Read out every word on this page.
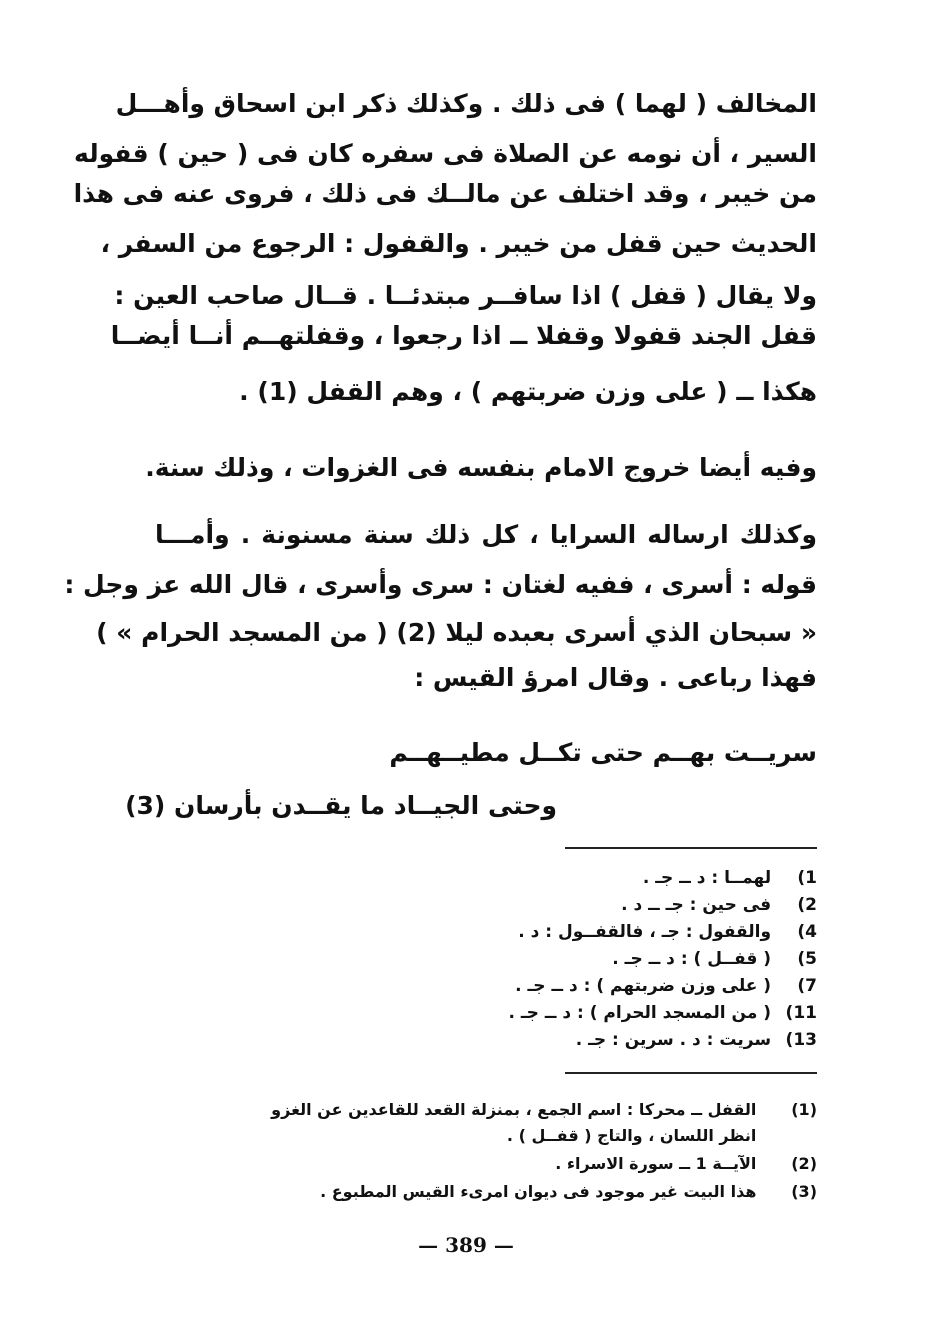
المخالف ( لهما ) فى ذلك . وكذلك ذكر ابن اسحاق وأهـــل
السير ، أن نومه عن الصلاة فى سفره كان فى ( حين ) قفوله
من خيبر ، وقد اختلف عن مالــك فى ذلك ، فروى عنه فى هذا
الحديث حين قفل من خيبر . والقفول : الرجوع من السفر ،
ولا يقال ( قفل ) اذا سافــر مبتدئــا . قــال صاحب العين :
قفل الجند قفولا وقفلا ــ اذا رجعوا ، وقفلتهــم أنــا أيضــا
هكذا ــ ( على وزن ضربتهم ) ، وهم القفل (1) .
وفيه أيضا خروج الامام بنفسه فى الغزوات ، وذلك سنة.
وكذلك ارساله السرايا ، كل ذلك سنة مسنونة . وأمـــا
قوله : أسرى ، ففيه لغتان : سرى وأسرى ، قال الله عز وجل :
« سبحان الذي أسرى بعبده ليلا (2) ( من المسجد الحرام » )
فهذا رباعى . وقال امرؤ القيس :
سريــت بهــم حتى تكــل مطيــهــم
وحتى الجيــاد ما يقــدن بأرسان (3)
1) لهمــا : د ــ جـ .
2) فى حين : جـ ــ د .
4) والقفول : جـ ، فالقفــول : د .
5) ( قفــل ) : د ــ جـ .
7) ( على وزن ضربتهم ) : د ــ جـ .
11) ( من المسجد الحرام ) : د ــ جـ .
13) سريت : د . سرين : جـ .
(1) القفل ــ محركا : اسم الجمع ، بمنزلة القعد للقاعدين عن الغزو
انظر اللسان ، والتاج ( قفــل ) .
(2) الآيــة 1 ــ سورة الاسراء .
(3) هذا البيت غير موجود فى ديوان امرىء القيس المطبوع .
— 389 —
